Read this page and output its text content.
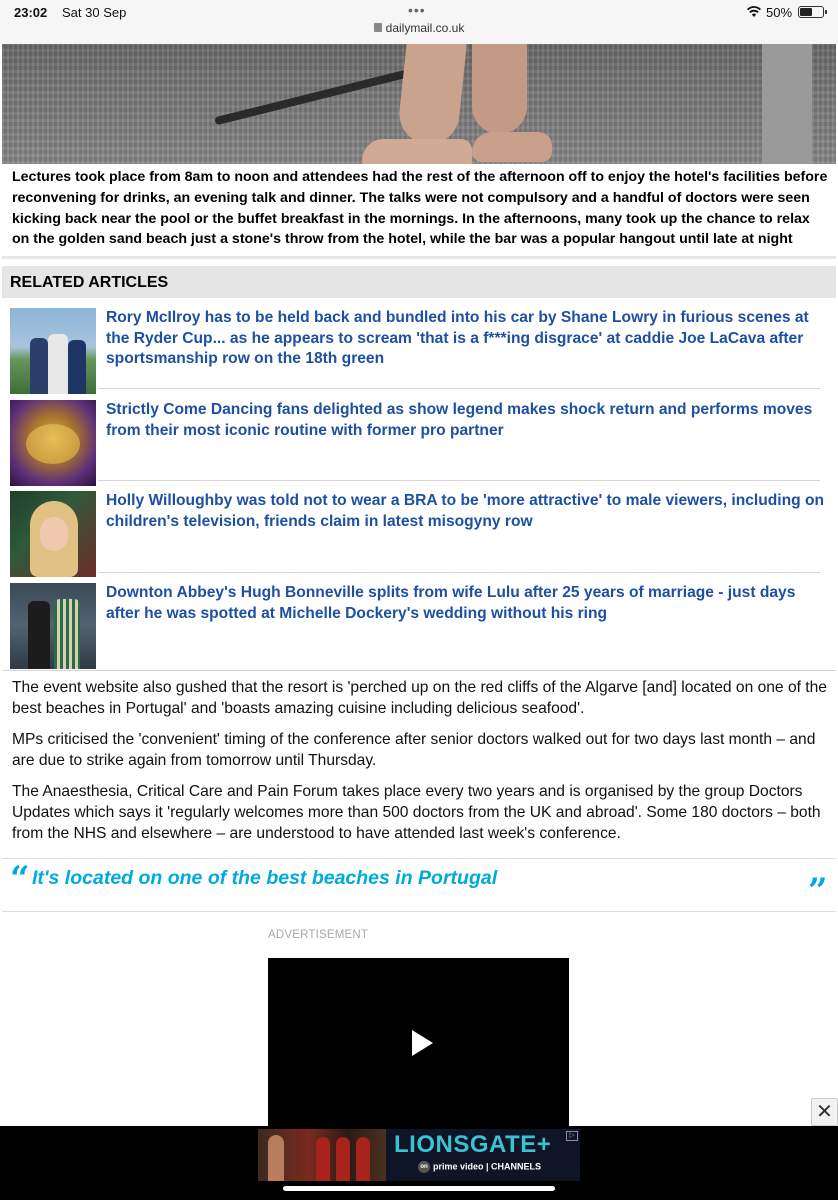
23:02 Sat 30 Sep	•••
dailymail.co.uk
50%

Lectures took place from 8am to noon and attendees had the rest of the afternoon off to enjoy the hotel's facilities before reconvening for drinks, an evening talk and dinner. The talks were not compulsory and a handful of doctors were seen kicking back near the pool or the buffet breakfast in the mornings. In the afternoons, many took up the chance to relax on the golden sand beach just a stone's throw from the hotel, while the bar was a popular hangout until late at night

RELATED ARTICLES

Rory McIlroy has to be held back and bundled into his car by Shane Lowry in furious scenes at the Ryder Cup... as he appears to scream 'that is a f***ing disgrace' at caddie Joe LaCava after sportsmanship row on the 18th green

Strictly Come Dancing fans delighted as show legend makes shock return and performs moves from their most iconic routine with former pro partner

Holly Willoughby was told not to wear a BRA to be 'more attractive' to male viewers, including on children's television, friends claim in latest misogyny row

Downton Abbey's Hugh Bonneville splits from wife Lulu after 25 years of marriage - just days after he was spotted at Michelle Dockery's wedding without his ring

The event website also gushed that the resort is 'perched up on the red cliffs of the Algarve [and] located on one of the best beaches in Portugal' and 'boasts amazing cuisine including delicious seafood'.

MPs criticised the 'convenient' timing of the conference after senior doctors walked out for two days last month – and are due to strike again from tomorrow until Thursday.

The Anaesthesia, Critical Care and Pain Forum takes place every two years and is organised by the group Doctors Updates which says it 'regularly welcomes more than 500 doctors from the UK and abroad'. Some 180 doctors – both from the NHS and elsewhere – are understood to have attended last week's conference.

“ It's located on one of the best beaches in Portugal	”
ADVERTISEMENT
✕
LIONSGATE+
on prime video | CHANNELS
▷
